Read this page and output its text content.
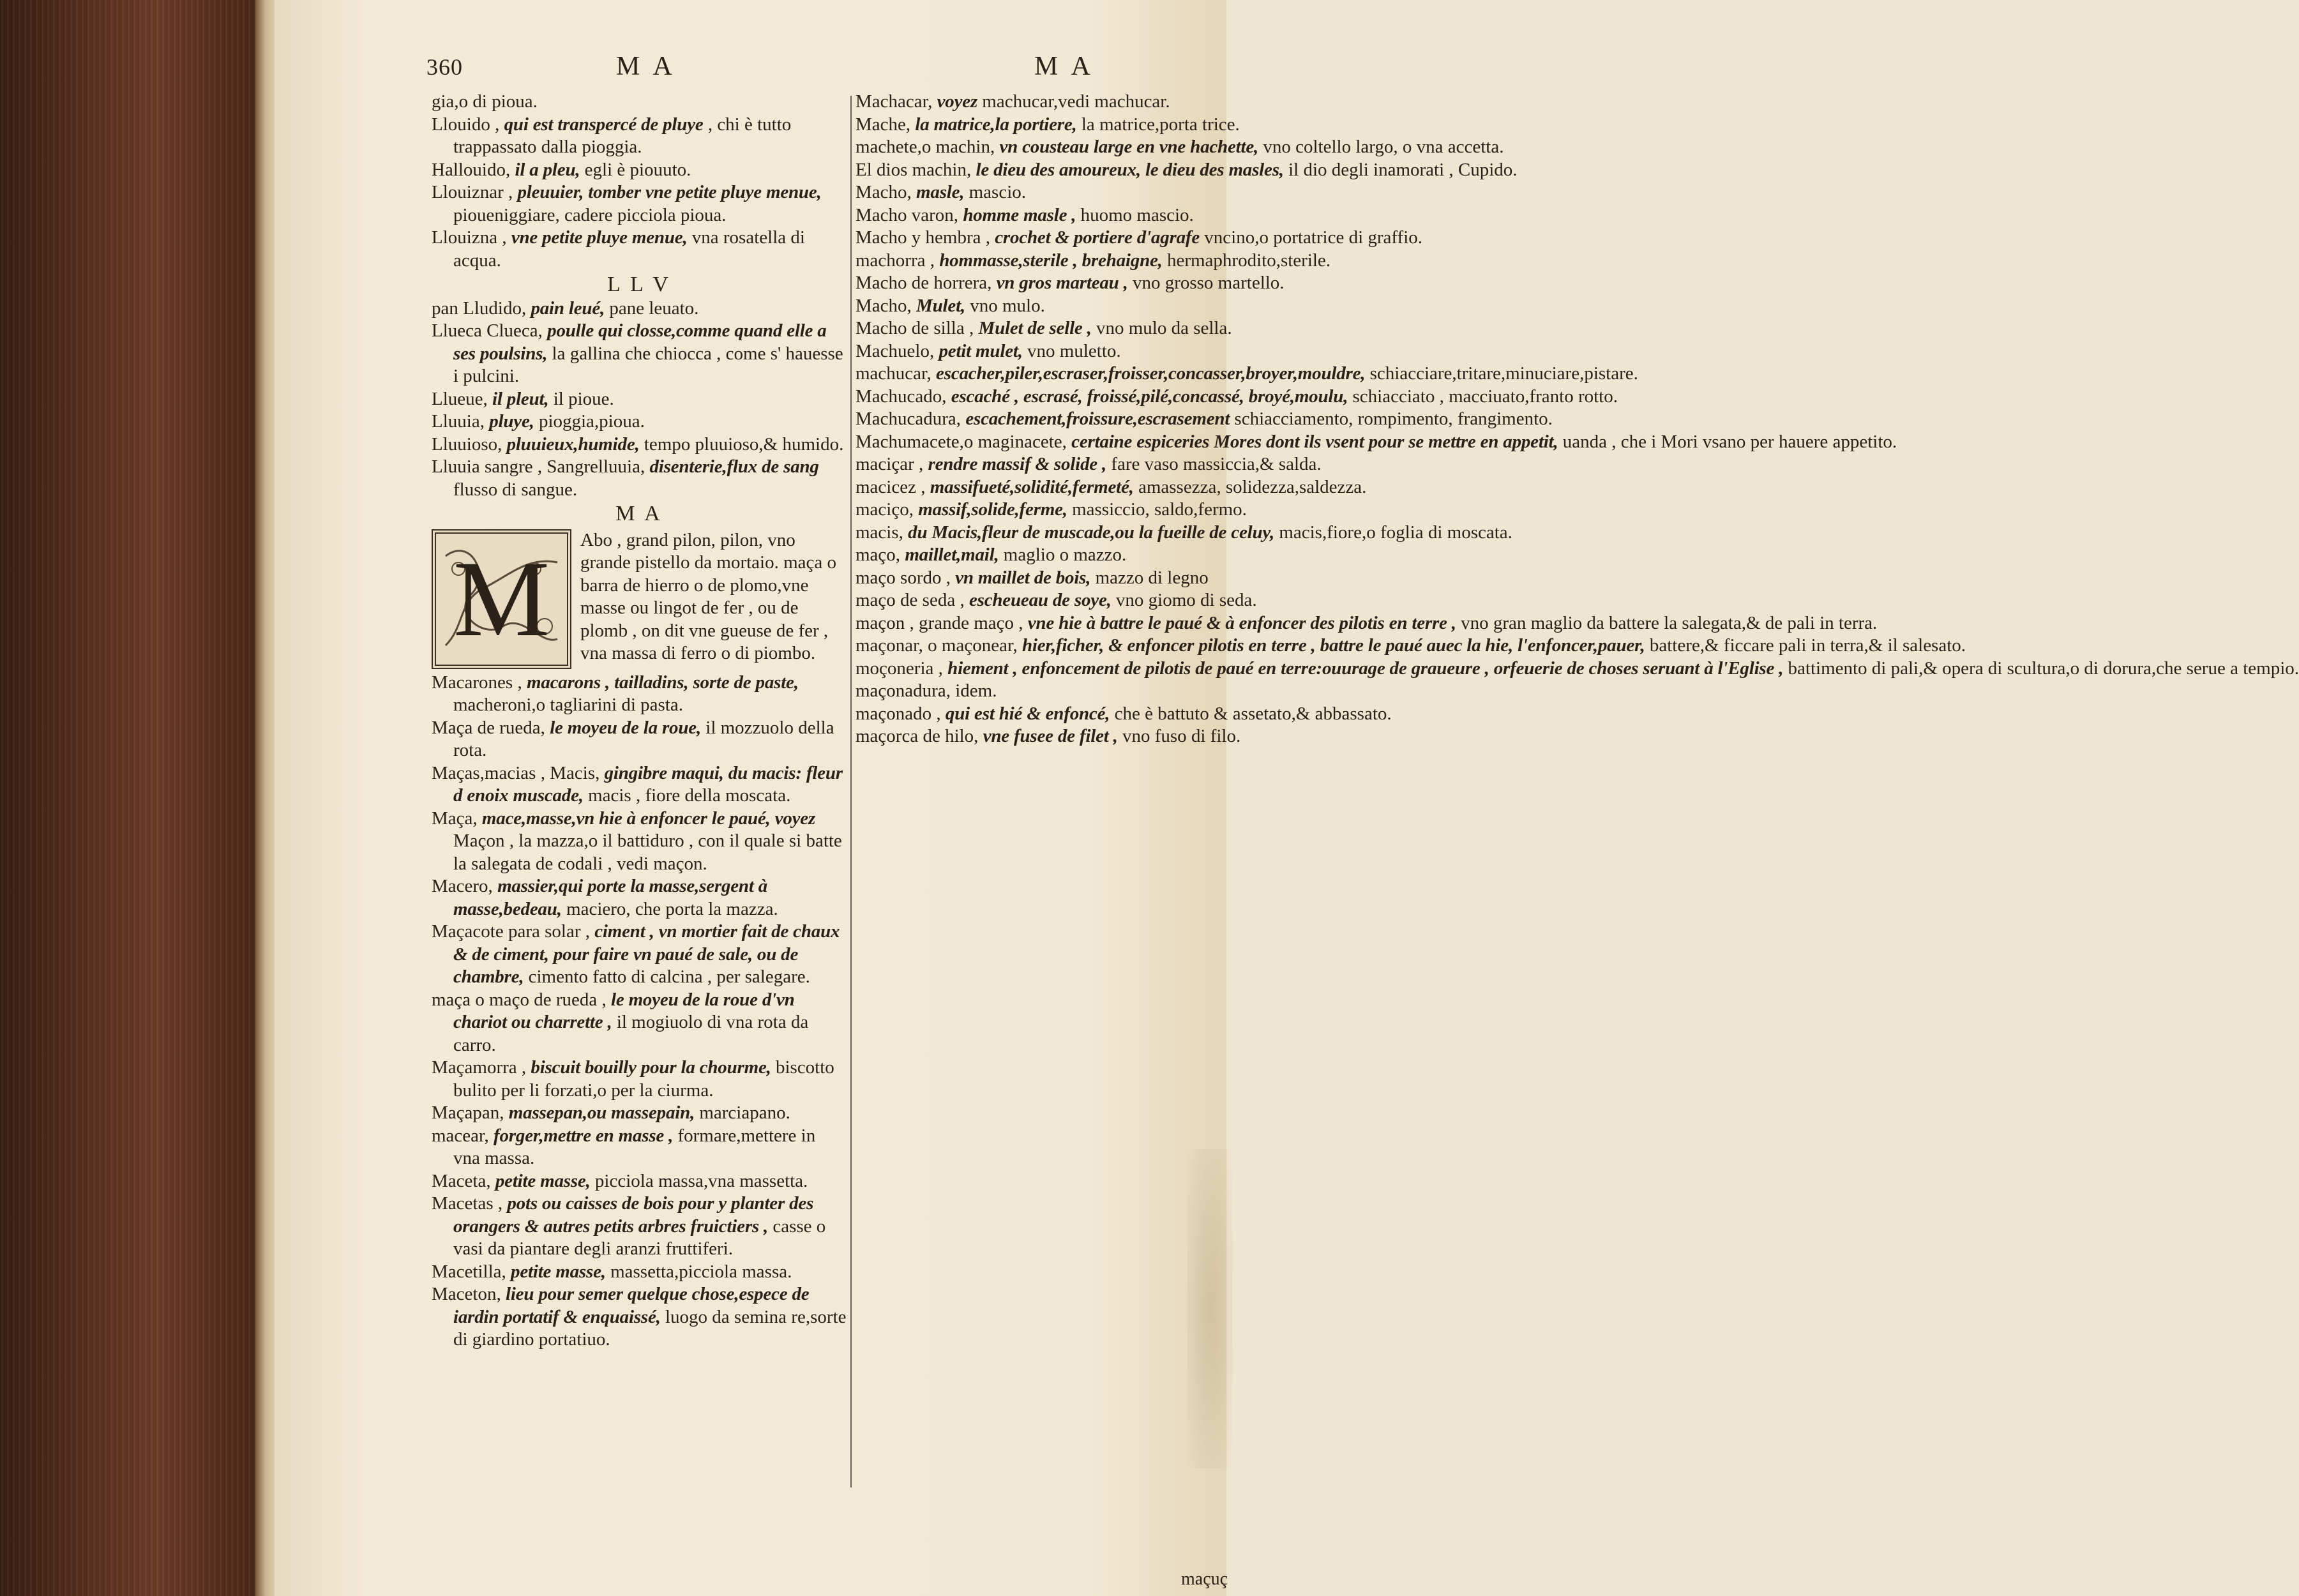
360	M A	M A

gia,o di pioua.

Llouido , qui est transpercé de pluye , chi è tutto trappassato dalla pioggia.

Hallouido, il a pleu, egli è piouuto.

Llouiznar , pleuuier, tomber vne petite pluye menue, pioueniggiare, cadere picciola pioua.

Llouizna , vne petite pluye menue, vna rosatella di acqua.

L L V

pan Lludido, pain leué, pane leuato.

Llueca Clueca, poulle qui closse,comme quand elle a ses poulsins, la gallina che chiocca , come s' hauesse i pulcini.

Llueue, il pleut, il pioue.

Lluuia, pluye, pioggia,pioua.

Lluuioso, pluuieux,humide, tempo pluuioso,& humido.

Lluuia sangre , Sangrelluuia, disenterie,flux de sang flusso di sangue.

M A
M	Abo , grand pilon, pilon, vno grande pistello da mortaio. maça o barra de hierro o de plomo,vne masse ou lingot de fer , ou de plomb , on dit vne gueuse de fer , vna massa di ferro o di piombo.

Macarones , macarons , tailladins, sorte de paste, macheroni,o tagliarini di pasta.

Maça de rueda, le moyeu de la roue, il mozzuolo della rota.

Maças,macias , Macis, gingibre maqui, du macis: fleur d enoix muscade, macis , fiore della moscata.

Maça, mace,masse,vn hie à enfoncer le paué, voyez Maçon , la mazza,o il battiduro , con il quale si batte la salegata de codali , vedi maçon.

Macero, massier,qui porte la masse,sergent à masse,bedeau, maciero, che porta la mazza.

Maçacote para solar , ciment , vn mortier fait de chaux & de ciment, pour faire vn paué de sale, ou de chambre, cimento fatto di calcina , per salegare.

maça o maço de rueda , le moyeu de la roue d'vn chariot ou charrette , il mogiuolo di vna rota da carro.

Maçamorra , biscuit bouilly pour la chourme, biscotto bulito per li forzati,o per la ciurma.

Maçapan, massepan,ou massepain, marciapano.

macear, forger,mettre en masse , formare,mettere in vna massa.

Maceta, petite masse, picciola massa,vna massetta.

Macetas , pots ou caisses de bois pour y planter des orangers & autres petits arbres fruictiers , casse o vasi da piantare degli aranzi fruttiferi.

Macetilla, petite masse, massetta,picciola massa.

Maceton, lieu pour semer quelque chose,espece de iardin portatif & enquaissé, luogo da semina re,sorte di giardino portatiuo.

Machacar, voyez machucar,vedi machucar.

Mache, la matrice,la portiere, la matrice,porta trice.

machete,o machin, vn cousteau large en vne hachette, vno coltello largo, o vna accetta.

El dios machin, le dieu des amoureux, le dieu des masles, il dio degli inamorati , Cupido.

Macho, masle, mascio.

Macho varon, homme masle , huomo mascio.

Macho y hembra , crochet & portiere d'agrafe vncino,o portatrice di graffio.

machorra , hommasse,sterile , brehaigne, hermaphrodito,sterile.

Macho de horrera, vn gros marteau , vno grosso martello.

Macho, Mulet, vno mulo.

Macho de silla , Mulet de selle , vno mulo da sella.

Machuelo, petit mulet, vno muletto.

machucar, escacher,piler,escraser,froisser,concasser,broyer,mouldre, schiacciare,tritare,minuciare,pistare.

Machucado, escaché , escrasé, froissé,pilé,concassé, broyé,moulu, schiacciato , macciuato,franto rotto.

Machucadura, escachement,froissure,escrasement schiacciamento, rompimento, frangimento.

Machumacete,o maginacete, certaine espiceries Mores dont ils vsent pour se mettre en appetit, uanda , che i Mori vsano per hauere appetito.

maciçar , rendre massif & solide , fare vaso massiccia,& salda.

macicez , massifueté,solidité,fermeté, amassezza, solidezza,saldezza.

maciço, massif,solide,ferme, massiccio, saldo,fermo.

macis, du Macis,fleur de muscade,ou la fueille de celuy, macis,fiore,o foglia di moscata.

maço, maillet,mail, maglio o mazzo.

maço sordo , vn maillet de bois, mazzo di legno

maço de seda , escheueau de soye, vno giomo di seda.

maçon , grande maço , vne hie à battre le paué & à enfoncer des pilotis en terre , vno gran maglio da battere la salegata,& de pali in terra.

maçonar, o maçonear, hier,ficher, & enfoncer pilotis en terre , battre le paué auec la hie, l'enfoncer,pauer, battere,& ficcare pali in terra,& il salesato.

moçoneria , hiement , enfoncement de pilotis de paué en terre:ouurage de graueure , orfeuerie de choses seruant à l'Eglise , battimento di pali,& opera di scultura,o di dorura,che serue a tempio.

maçonadura, idem.

maçonado , qui est hié & enfoncé, che è battuto & assetato,& abbassato.

maçorca de hilo, vne fusee de filet , vno fuso di filo.

maçuç
